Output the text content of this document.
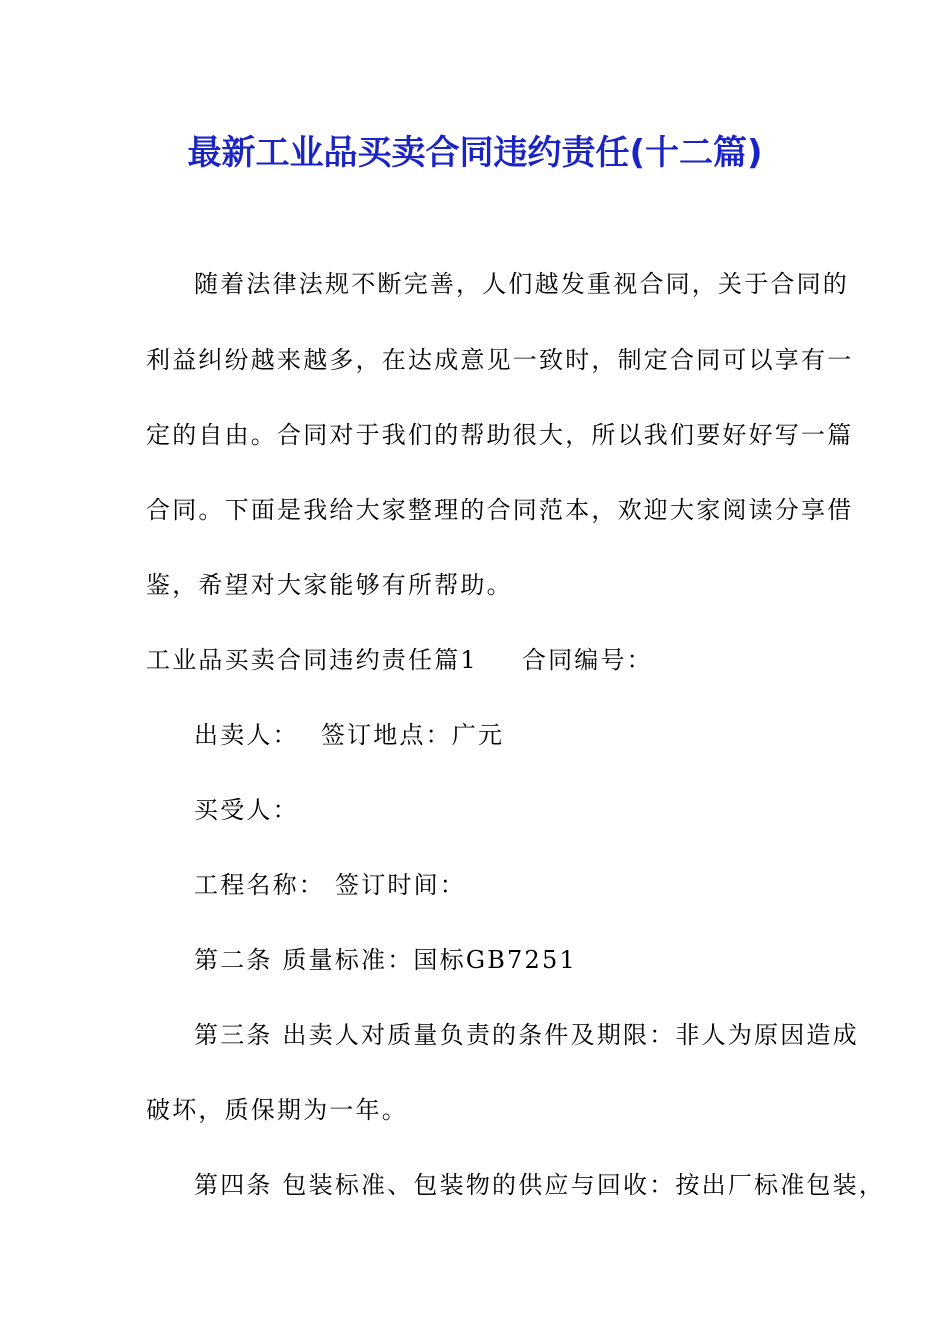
最新工业品买卖合同违约责任(十二篇)
随着法律法规不断完善，人们越发重视合同，关于合同的
利益纠纷越来越多，在达成意见一致时，制定合同可以享有一
定的自由。合同对于我们的帮助很大，所以我们要好好写一篇
合同。下面是我给大家整理的合同范本，欢迎大家阅读分享借
鉴，希望对大家能够有所帮助。
工业品买卖合同违约责任篇1 合同编号：
出卖人： 签订地点：广元
买受人：
工程名称： 签订时间：
第二条 质量标准：国标GB7251
第三条 出卖人对质量负责的条件及期限：非人为原因造成
破坏，质保期为一年。
第四条 包装标准、包装物的供应与回收：按出厂标准包装，
